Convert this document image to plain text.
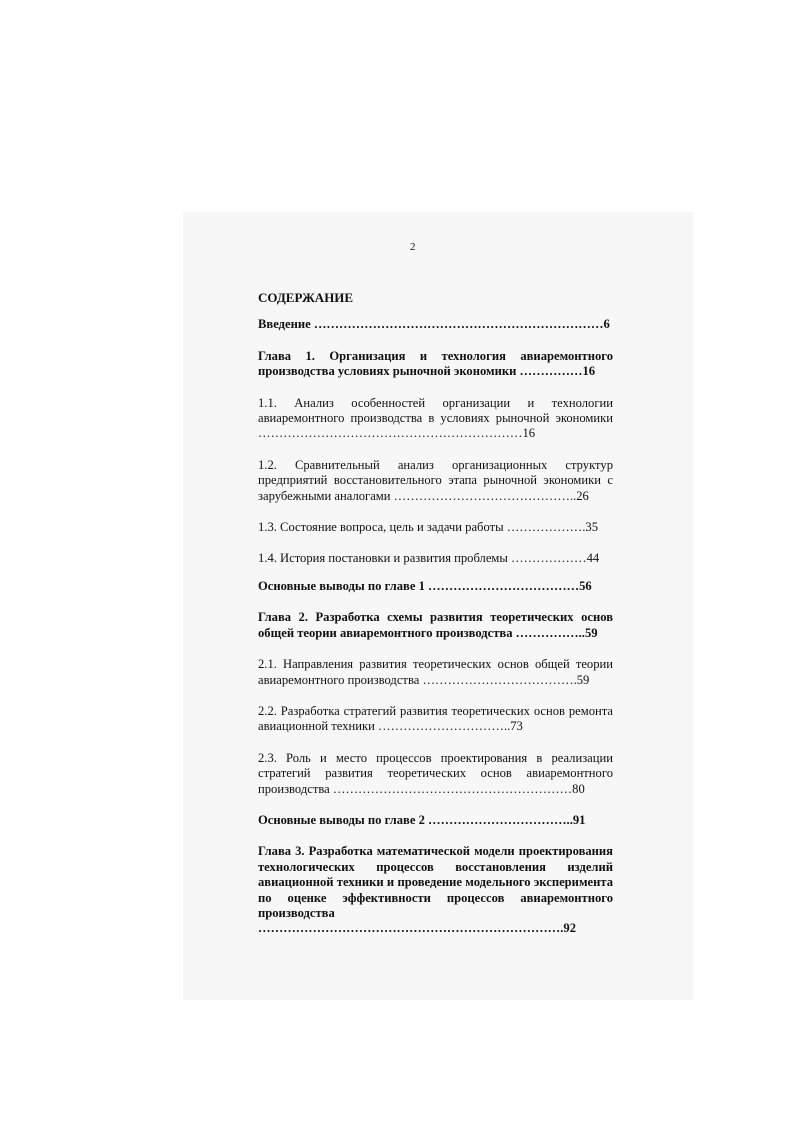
2
СОДЕРЖАНИЕ
Введение ……………………………………………………………6
Глава 1. Организация и технология авиаремонтного производства условиях рыночной экономики ……………16
1.1. Анализ особенностей организации и технологии авиаремонтного производства в условиях рыночной экономики ………………………………………………………16
1.2. Сравнительный анализ организационных структур предприятий восстановительного этапа рыночной экономики с зарубежными аналогами ……………………………………..26
1.3. Состояние вопроса, цель и задачи работы ……………….35
1.4. История постановки и развития проблемы ………………44
Основные выводы по главе 1 ………………………………56
Глава 2. Разработка схемы развития теоретических основ общей теории авиаремонтного производства ……………..59
2.1. Направления развития теоретических основ общей теории авиаремонтного производства ……………………………….59
2.2. Разработка стратегий развития теоретических основ ремонта авиационной техники …………………………..73
2.3. Роль и место процессов проектирования в реализации стратегий развития теоретических основ авиаремонтного производства …………………………………………………80
Основные выводы по главе 2 ……………………………..91
Глава 3. Разработка математической модели проектирования технологических процессов восстановления изделий авиационной техники и проведение модельного эксперимента по оценке эффективности процессов авиаремонтного производства ……………………………………………………………….92
